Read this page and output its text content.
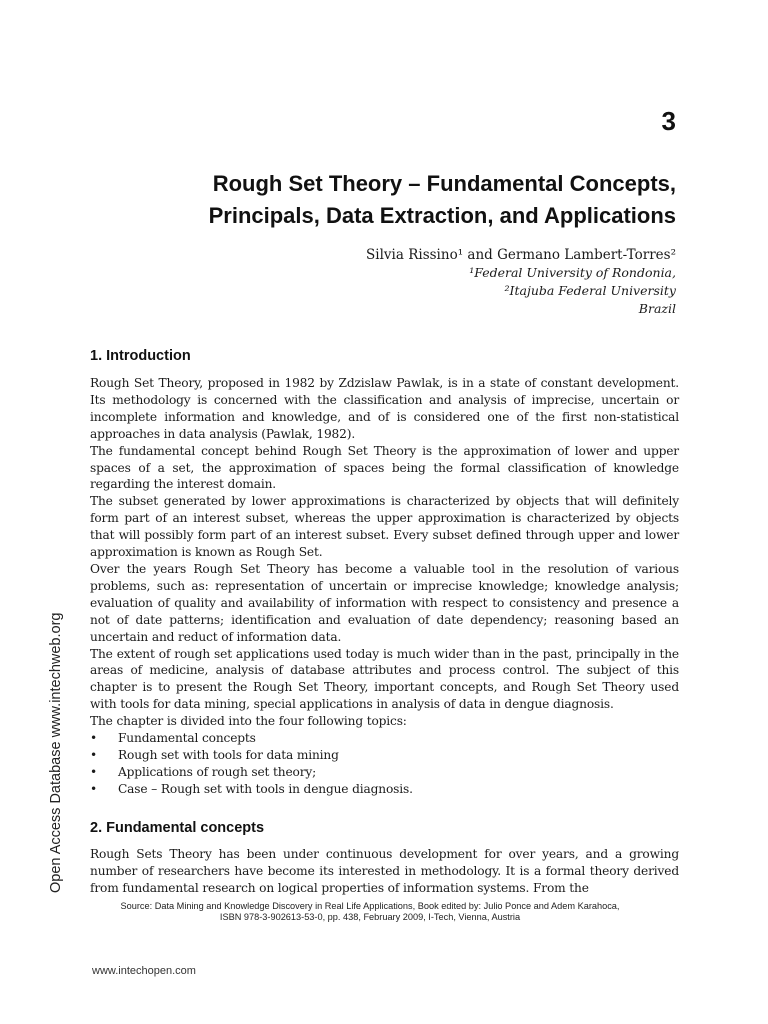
3
Rough Set Theory – Fundamental Concepts,
Principals, Data Extraction, and Applications
Silvia Rissino¹ and Germano Lambert-Torres²
¹Federal University of Rondonia,
²Itajuba Federal University
Brazil
1. Introduction

Rough Set Theory, proposed in 1982 by Zdzislaw Pawlak, is in a state of constant development. Its methodology is concerned with the classification and analysis of imprecise, uncertain or incomplete information and knowledge, and of is considered one of the first non-statistical approaches in data analysis (Pawlak, 1982).

The fundamental concept behind Rough Set Theory is the approximation of lower and upper spaces of a set, the approximation of spaces being the formal classification of knowledge regarding the interest domain.

The subset generated by lower approximations is characterized by objects that will definitely form part of an interest subset, whereas the upper approximation is characterized by objects that will possibly form part of an interest subset. Every subset defined through upper and lower approximation is known as Rough Set.

Over the years Rough Set Theory has become a valuable tool in the resolution of various problems, such as: representation of uncertain or imprecise knowledge; knowledge analysis; evaluation of quality and availability of information with respect to consistency and presence a not of date patterns; identification and evaluation of date dependency; reasoning based an uncertain and reduct of information data.

The extent of rough set applications used today is much wider than in the past, principally in the areas of medicine, analysis of database attributes and process control. The subject of this chapter is to present the Rough Set Theory, important concepts, and Rough Set Theory used with tools for data mining, special applications in analysis of data in dengue diagnosis.

The chapter is divided into the four following topics:

• Fundamental concepts
• Rough set with tools for data mining
• Applications of rough set theory;
• Case – Rough set with tools in dengue diagnosis.
2. Fundamental concepts

Rough Sets Theory has been under continuous development for over years, and a growing number of researchers have become its interested in methodology. It is a formal theory derived from fundamental research on logical properties of information systems. From the

Open Access Database www.intechweb.org
Source: Data Mining and Knowledge Discovery in Real Life Applications, Book edited by: Julio Ponce and Adem Karahoca,
ISBN 978-3-902613-53-0, pp. 438, February 2009, I-Tech, Vienna, Austria
www.intechopen.com
